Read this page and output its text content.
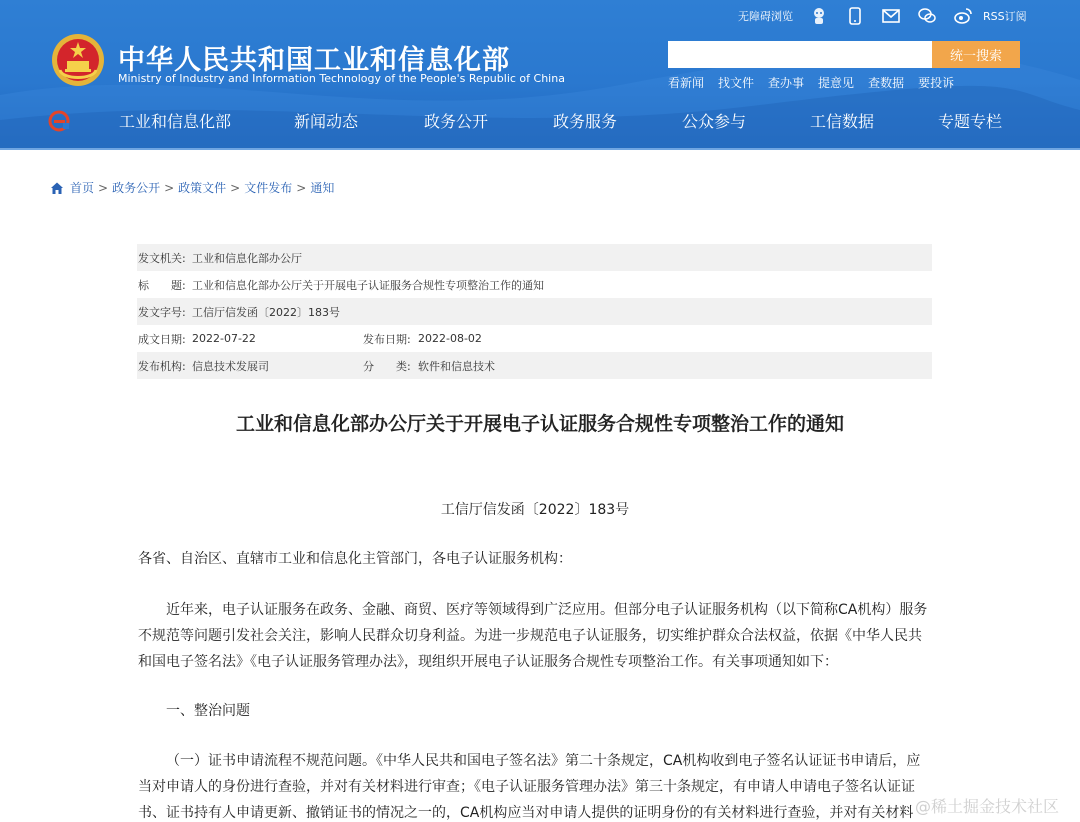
中华人民共和国工业和信息化部
Ministry of Industry and Information Technology of the People's Republic of China
无障碍浏览	RSS订阅
统一搜索
看新闻 找文件 查办事 提意见 查数据 要投诉
工业和信息化部	新闻动态	政务公开	政务服务	公众参与	工信数据	专题专栏
首页 > 政务公开 > 政策文件 > 文件发布 > 通知
发文机关: 工业和信息化部办公厅
标　　题: 工业和信息化部办公厅关于开展电子认证服务合规性专项整治工作的通知
发文字号: 工信厅信发函〔2022〕183号
成文日期: 2022-07-22	发布日期: 2022-08-02
发布机构: 信息技术发展司	分　　类: 软件和信息技术
工业和信息化部办公厅关于开展电子认证服务合规性专项整治工作的通知
工信厅信发函〔2022〕183号

各省、自治区、直辖市工业和信息化主管部门，各电子认证服务机构：

近年来，电子认证服务在政务、金融、商贸、医疗等领域得到广泛应用。但部分电子认证服务机构（以下简称CA机构）服务不规范等问题引发社会关注，影响人民群众切身利益。为进一步规范电子认证服务，切实维护群众合法权益，依据《中华人民共和国电子签名法》《电子认证服务管理办法》，现组织开展电子认证服务合规性专项整治工作。有关事项通知如下：

一、整治问题

（一）证书申请流程不规范问题。《中华人民共和国电子签名法》第二十条规定，CA机构收到电子签名认证证书申请后，应当对申请人的身份进行查验，并对有关材料进行审查；《电子认证服务管理办法》第三十条规定，有申请人申请电子签名认证证书、证书持有人申请更新、撤销证书的情况之一的，CA机构应当对申请人提供的证明身份的有关材料进行查验，并对有关材料 @稀土掘金技术社区
